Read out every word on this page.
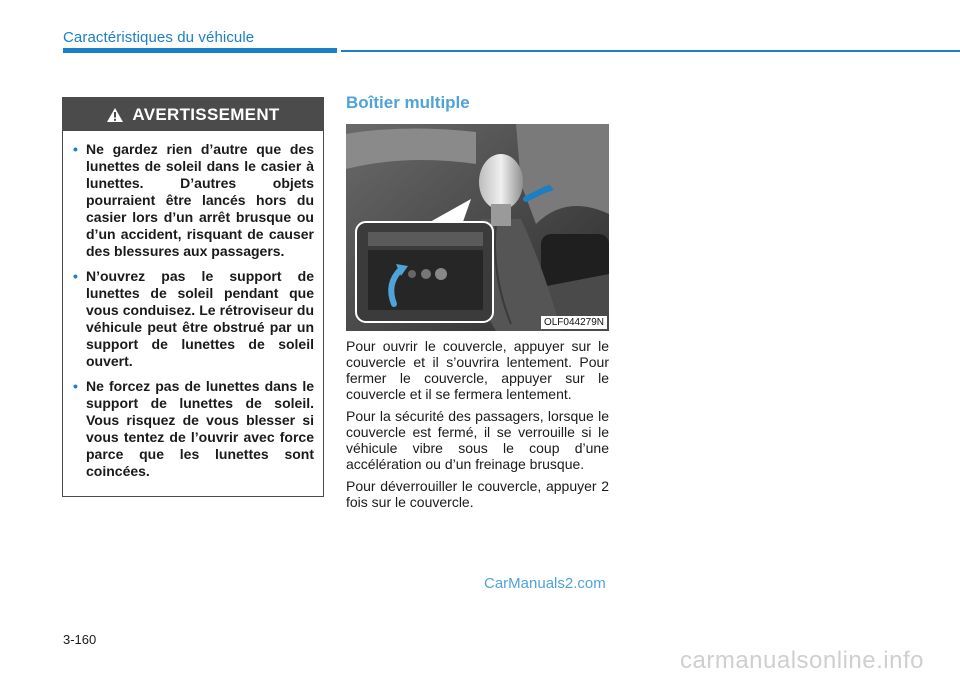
Caractéristiques du véhicule
AVERTISSEMENT
• Ne gardez rien d’autre que des lunettes de soleil dans le casier à lunettes. D’autres objets pourraient être lancés hors du casier lors d’un arrêt brusque ou d’un accident, risquant de causer des blessures aux passagers.
• N’ouvrez pas le support de lunettes de soleil pendant que vous conduisez. Le rétroviseur du véhicule peut être obstrué par un support de lunettes de soleil ouvert.
• Ne forcez pas de lunettes dans le support de lunettes de soleil. Vous risquez de vous blesser si vous tentez de l’ouvrir avec force parce que les lunettes sont coincées.
Boîtier multiple
OLF044279N

Pour ouvrir le couvercle, appuyer sur le couvercle et il s’ouvrira lentement. Pour fermer le couvercle, appuyer sur le couvercle et il se fermera lentement.

Pour la sécurité des passagers, lorsque le couvercle est fermé, il se verrouille si le véhicule vibre sous le coup d’une accélération ou d’un freinage brusque.

Pour déverrouiller le couvercle, appuyer 2 fois sur le couvercle.

CarManuals2.com
3-160
carmanualsonline.info
